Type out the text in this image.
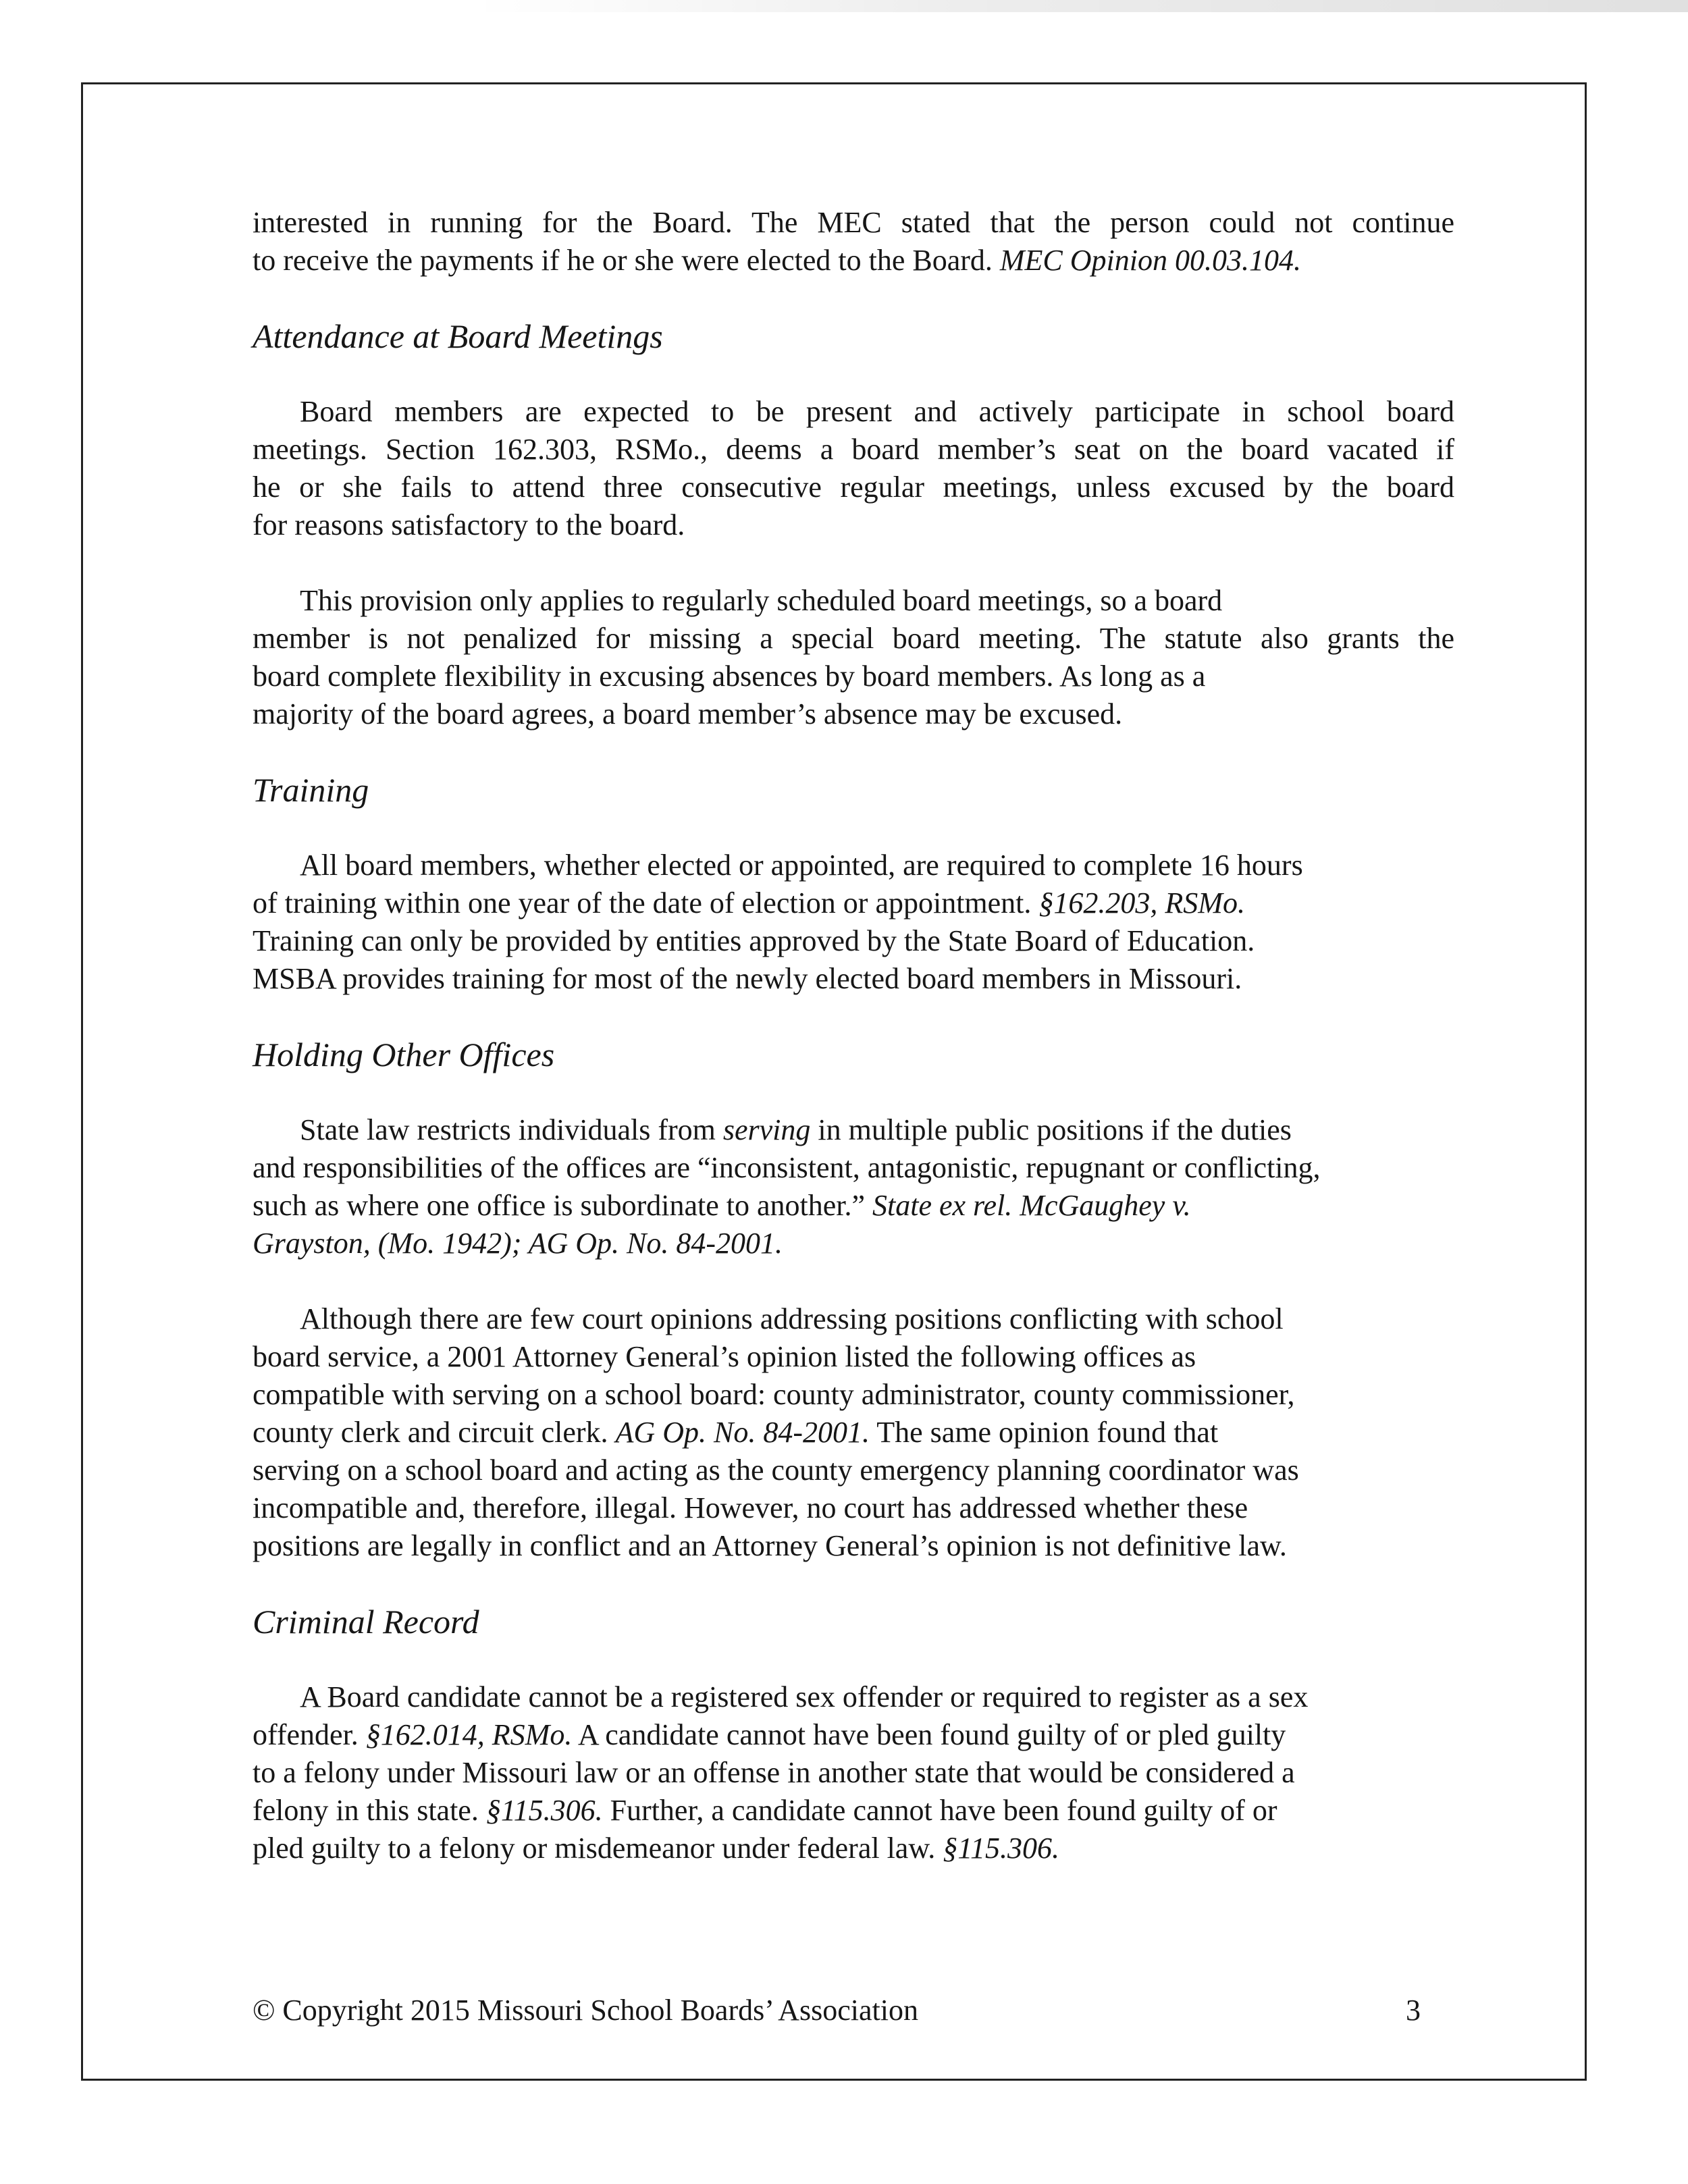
interested in running for the Board. The MEC stated that the person could not continue
to receive the payments if he or she were elected to the Board. MEC Opinion 00.03.104.

Attendance at Board Meetings

Board members are expected to be present and actively participate in school board
meetings. Section 162.303, RSMo., deems a board member’s seat on the board vacated if
he or she fails to attend three consecutive regular meetings, unless excused by the board
for reasons satisfactory to the board.

This provision only applies to regularly scheduled board meetings, so a board
member is not penalized for missing a special board meeting. The statute also grants the
board complete flexibility in excusing absences by board members. As long as a
majority of the board agrees, a board member’s absence may be excused.

Training

All board members, whether elected or appointed, are required to complete 16 hours
of training within one year of the date of election or appointment. §162.203, RSMo.
Training can only be provided by entities approved by the State Board of Education.
MSBA provides training for most of the newly elected board members in Missouri.

Holding Other Offices

State law restricts individuals from serving in multiple public positions if the duties
and responsibilities of the offices are “inconsistent, antagonistic, repugnant or conflicting,
such as where one office is subordinate to another.” State ex rel. McGaughey v.
Grayston, (Mo. 1942); AG Op. No. 84-2001.

Although there are few court opinions addressing positions conflicting with school
board service, a 2001 Attorney General’s opinion listed the following offices as
compatible with serving on a school board: county administrator, county commissioner,
county clerk and circuit clerk. AG Op. No. 84-2001. The same opinion found that
serving on a school board and acting as the county emergency planning coordinator was
incompatible and, therefore, illegal. However, no court has addressed whether these
positions are legally in conflict and an Attorney General’s opinion is not definitive law.

Criminal Record

A Board candidate cannot be a registered sex offender or required to register as a sex
offender. §162.014, RSMo. A candidate cannot have been found guilty of or pled guilty
to a felony under Missouri law or an offense in another state that would be considered a
felony in this state. §115.306. Further, a candidate cannot have been found guilty of or
pled guilty to a felony or misdemeanor under federal law. §115.306.

© Copyright 2015 Missouri School Boards’ Association	3
